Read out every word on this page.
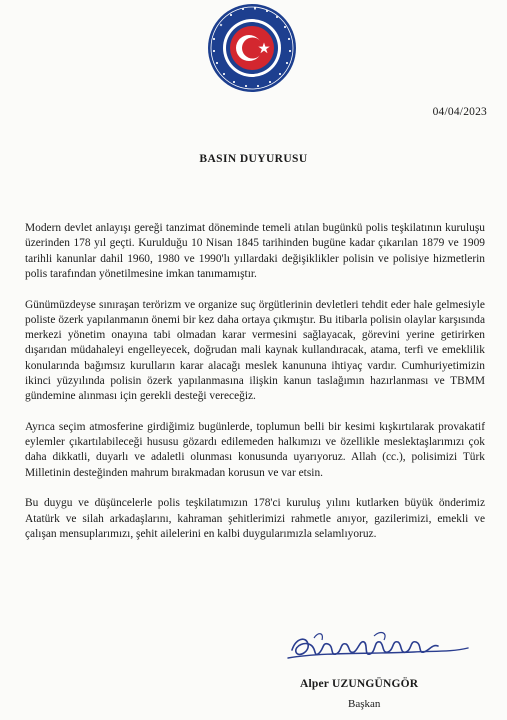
04/04/2023
BASIN DUYURUSU

Modern devlet anlayışı gereği tanzimat döneminde temeli atılan bugünkü polis teşkilatının kuruluşu üzerinden 178 yıl geçti. Kuruldu​ğu 10 Nisan 1845 tarihinden bugüne kadar çıkarılan 1879 ve 1909 tarihli kanunlar dahil 1960, 1980 ve 1990'lı yıllardaki değişiklikler polisin ve polisiye hizmetlerin polis tarafından yönetilmesine imkan tanımamıştır.

Günümüzdeyse sınıraşan terörizm ve organize suç örgütlerinin devletleri tehdit eder hale gelmesiyle poliste özerk yapılanmanın önemi bir kez daha ortaya çıkmıştır. Bu itibarla polisin olaylar karşısında merkezi yönetim onayına tabi olmadan karar vermesini sağlayacak, görevini yerine getirirken dışarıdan müdahaleyi engelleyecek, doğrudan mali kaynak kullandıracak, atama, terfi ve emeklilik konularında bağımsız kurulların karar alacağı meslek kanununa ihtiyaç vardır. Cumhuriyetimizin ikinci yüzyılında polisin özerk yapılanmasına ilişkin kanun taslağımın hazırlanması ve TBMM gündemine alınması için gerekli desteği vereceğiz.

Ayrıca seçim atmosferine girdiğimiz bugünlerde, toplumun belli bir kesimi kışkırtılarak provakatif eylemler çıkartılabileceği hususu gözardı edilemeden halkımızı ve özellikle meslektaşlarımızı çok daha dikkatli, duyarlı ve adaletli olunması konusunda uyarıyoruz. Allah (cc.), polisimizi Türk Milletinin desteğinden mahrum bırakmadan korusun ve var etsin.

Bu duygu ve düşüncelerle polis teşkilatımızın 178'ci kuruluş yılını kutlarken büyük önderimiz Atatürk ve silah arkadaşlarını, kahraman şehitlerimizi rahmetle anıyor, gazilerimizi, emekli ve çalışan mensuplarımızı, şehit ailelerini en kalbi duygularımızla selamlıyoruz.

Alper UZUNGÜNGÖR
Başkan
